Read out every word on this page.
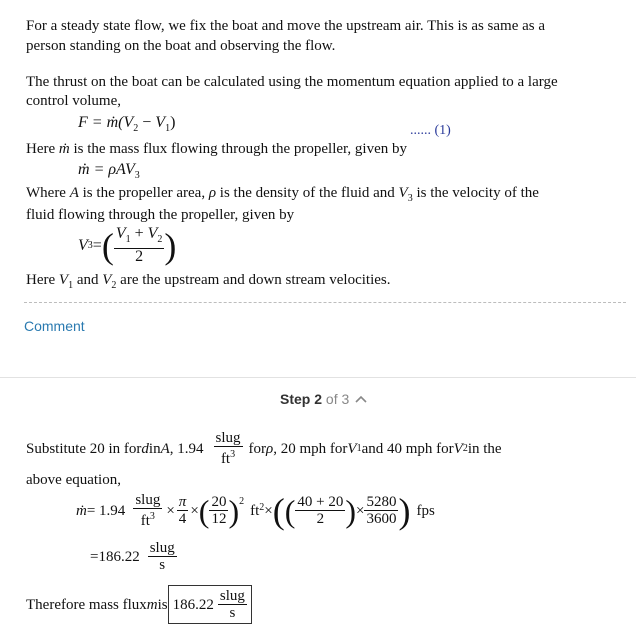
For a steady state flow, we fix the boat and move the upstream air. This is as same as a
person standing on the boat and observing the flow.
The thrust on the boat can be calculated using the momentum equation applied to a large
control volume,
$F = ṁ(V_2 - V_1)$	...... (1)
Here ṁ is the mass flux flowing through the propeller, given by
ṁ = ρAV$_3$
Where A is the propeller area, ρ is the density of the fluid and $V_3$ is the velocity of the
fluid flowing through the propeller, given by
V 3 = ( $\frac{V_1 + V_2}{2}$ )
Here $V_1$ and $V_2$ are the upstream and down stream velocities.
Comment
Step 2 of 3
Substitute 20 in for d in A , $1.94 \frac{\text{slug}}{ft^3}$ for ρ , 20 mph for V 1 and 40 mph for V 2 in the
above equation,
ṁ = $1.94 \frac{\text{slug}}{ft^3} \times \frac{\pi}{4}$ × ( $\frac{20}{12} )^2$
ft 2 × ( ( $\frac{40 + 20}{2}$ ) × $\frac{5280}{3600}$ ) fps
$=186.22 \frac{\text{slug}}{s}$
Therefore mass flux m is $186.22 \frac{\text{slug}}{s}$
